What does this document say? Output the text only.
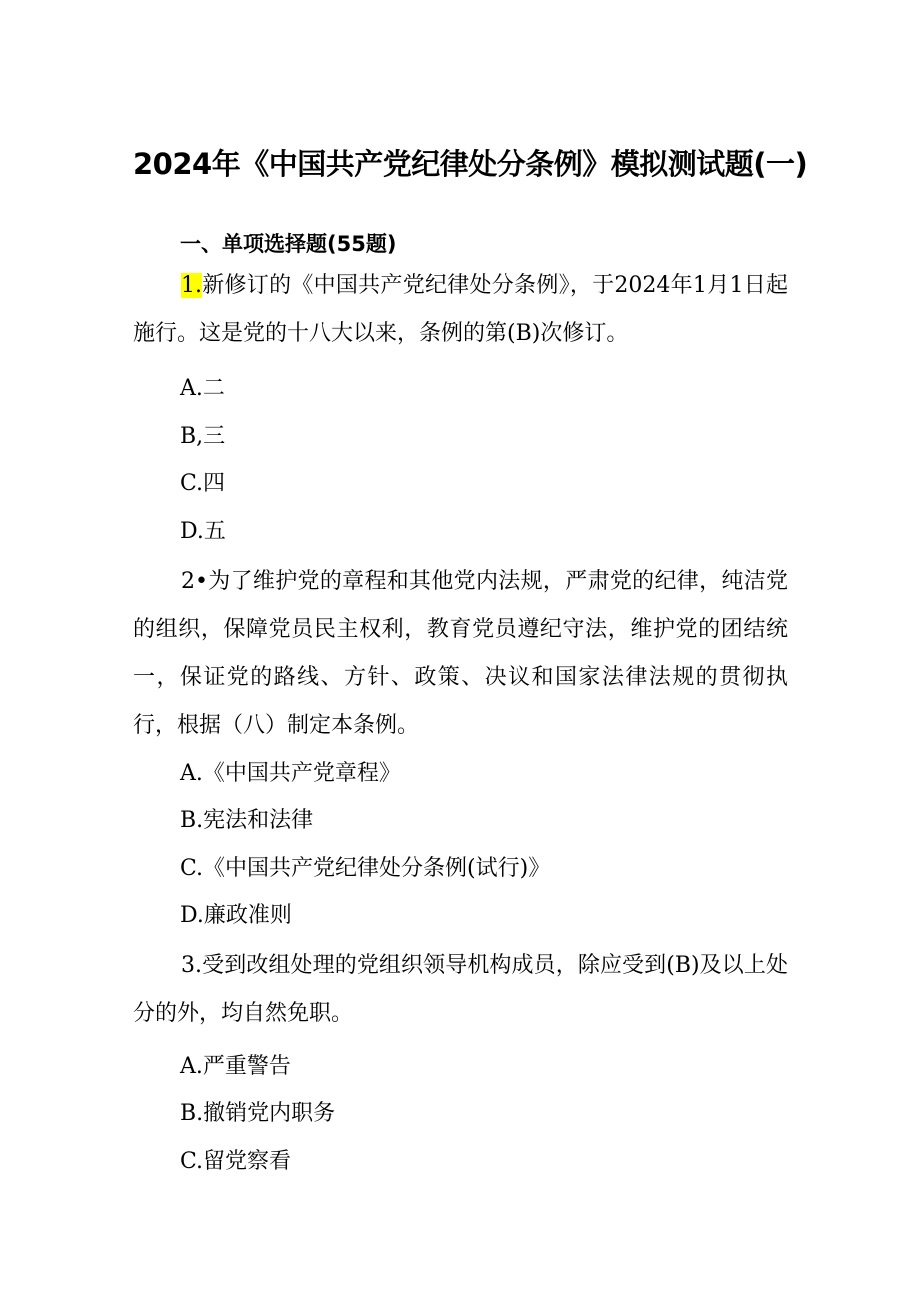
2024年《中国共产党纪律处分条例》模拟测试题(一)
一、单项选择题(55题)
1.新修订的《中国共产党纪律处分条例》，于2024年1月1日起施行。这是党的十八大以来，条例的第(B)次修订。
A.二
B,三
C.四
D.五
2•为了维护党的章程和其他党内法规，严肃党的纪律，纯洁党的组织，保障党员民主权利，教育党员遵纪守法，维护党的团结统一，保证党的路线、方针、政策、决议和国家法律法规的贯彻执行，根据（八）制定本条例。
A.《中国共产党章程》
B.宪法和法律
C.《中国共产党纪律处分条例(试行)》
D.廉政准则
3.受到改组处理的党组织领导机构成员，除应受到(B)及以上处分的外，均自然免职。
A.严重警告
B.撤销党内职务
C.留党察看
